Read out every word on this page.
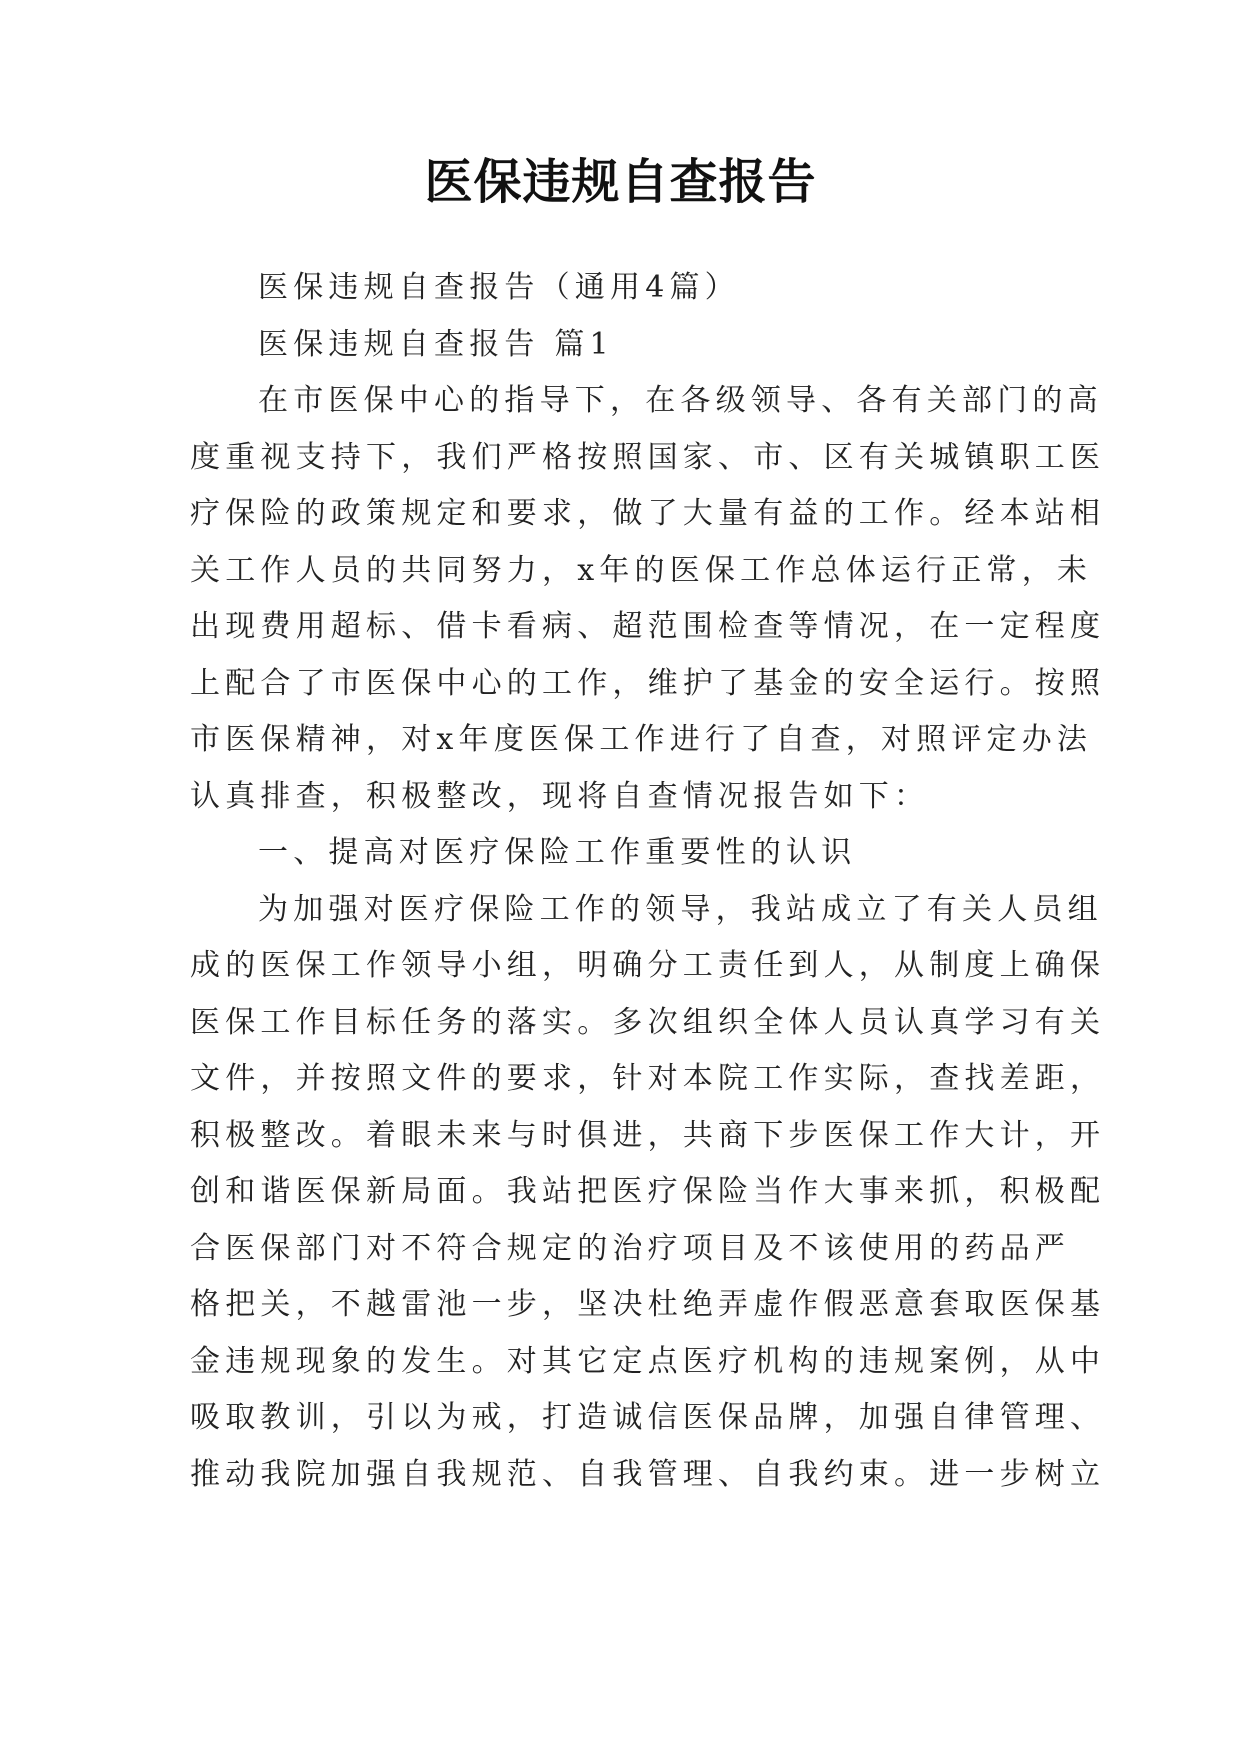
医保违规自查报告
医保违规自查报告（通用4篇）
医保违规自查报告 篇1
在市医保中心的指导下，在各级领导、各有关部门的高
度重视支持下，我们严格按照国家、市、区有关城镇职工医
疗保险的政策规定和要求，做了大量有益的工作。经本站相
关工作人员的共同努力，x年的医保工作总体运行正常，未
出现费用超标、借卡看病、超范围检查等情况，在一定程度
上配合了市医保中心的工作，维护了基金的安全运行。按照
市医保精神，对x年度医保工作进行了自查，对照评定办法
认真排查，积极整改，现将自查情况报告如下：
一、提高对医疗保险工作重要性的认识
为加强对医疗保险工作的领导，我站成立了有关人员组
成的医保工作领导小组，明确分工责任到人，从制度上确保
医保工作目标任务的落实。多次组织全体人员认真学习有关
文件，并按照文件的要求，针对本院工作实际，查找差距，
积极整改。着眼未来与时俱进，共商下步医保工作大计，开
创和谐医保新局面。我站把医疗保险当作大事来抓，积极配
合医保部门对不符合规定的治疗项目及不该使用的药品严
格把关，不越雷池一步，坚决杜绝弄虚作假恶意套取医保基
金违规现象的发生。对其它定点医疗机构的违规案例，从中
吸取教训，引以为戒，打造诚信医保品牌，加强自律管理、
推动我院加强自我规范、自我管理、自我约束。进一步树立
